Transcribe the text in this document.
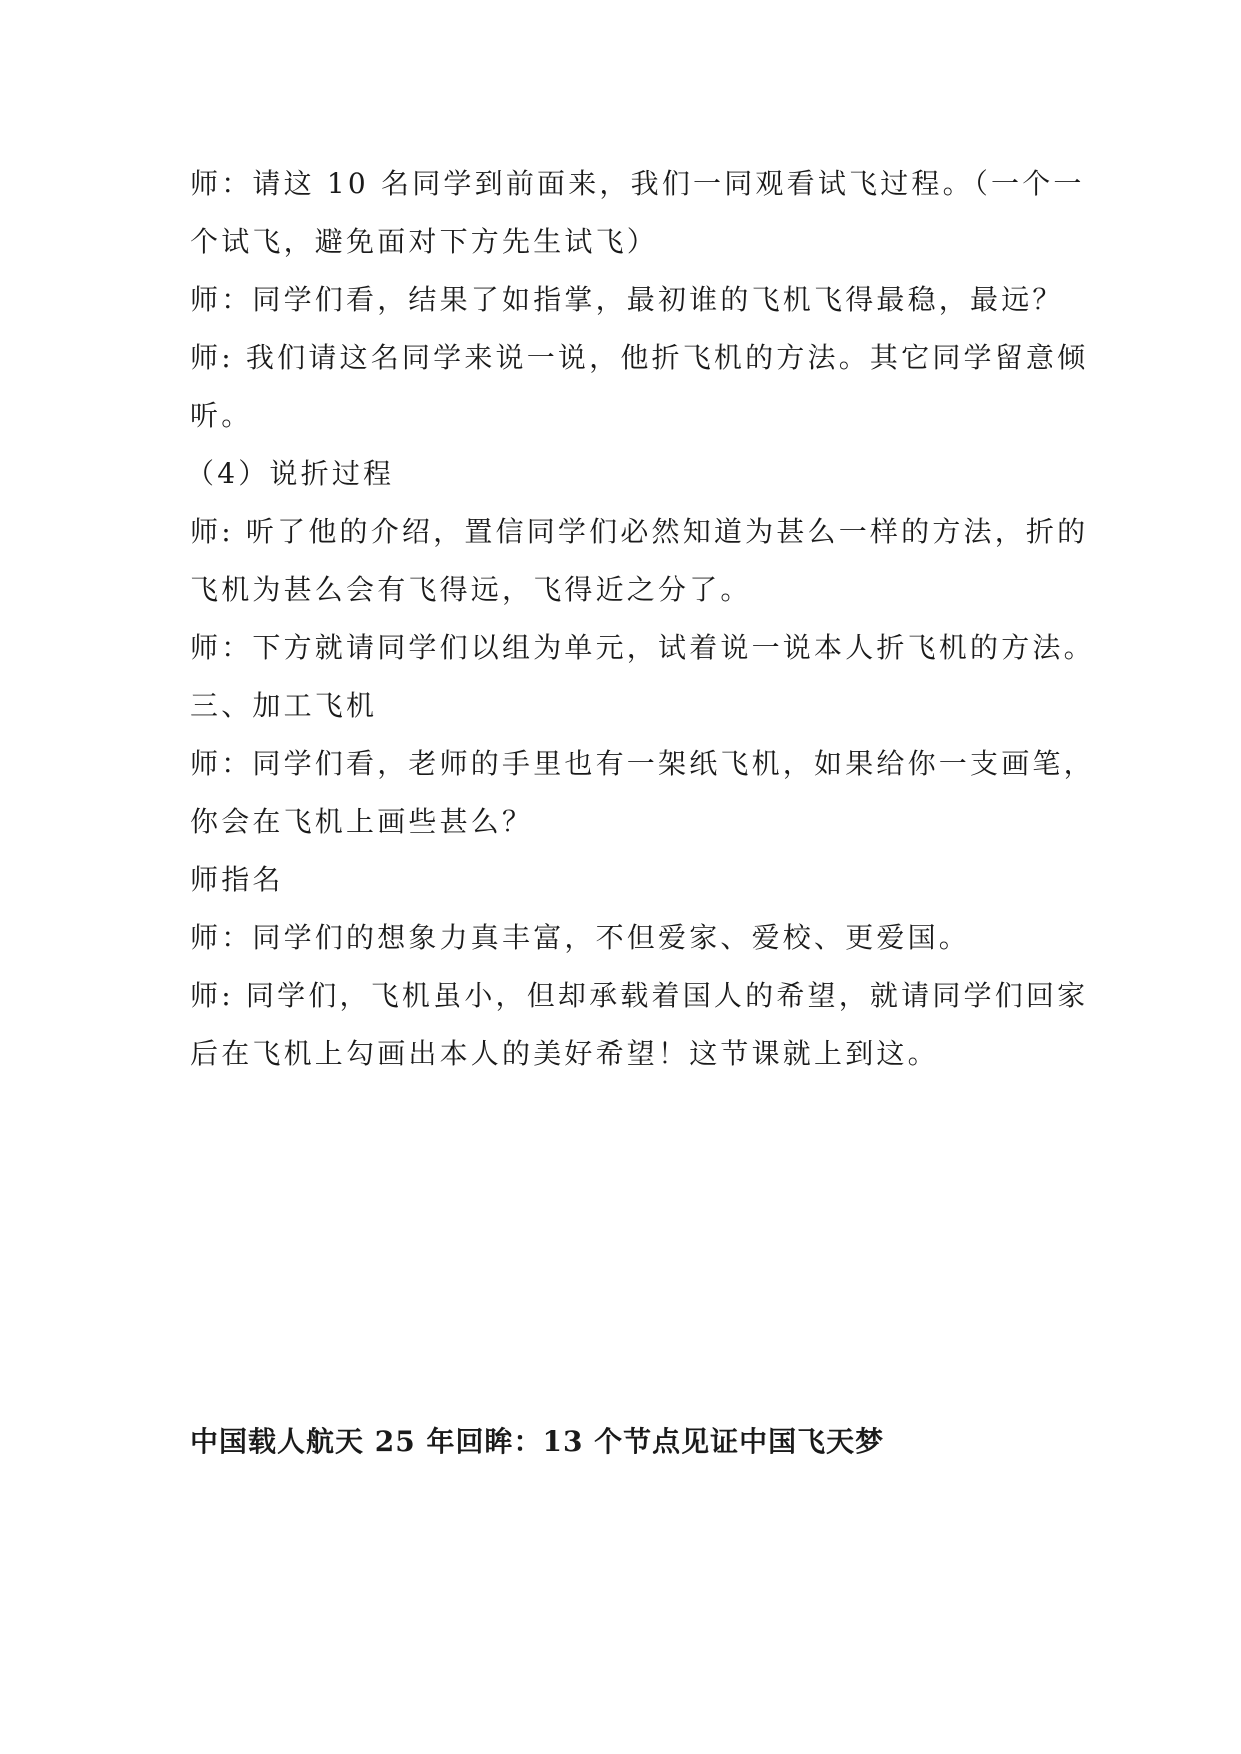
师：请这 10 名同学到前面来，我们一同观看试飞过程。（一个一
个试飞，避免面对下方先生试飞）
师：同学们看，结果了如指掌，最初谁的飞机飞得最稳，最远？
师: 我们请这名同学来说一说，他折飞机的方法。其它同学留意倾
听。
（4）说折过程
师: 听了他的介绍，置信同学们必然知道为甚么一样的方法，折的
飞机为甚么会有飞得远，飞得近之分了。
师：下方就请同学们以组为单元，试着说一说本人折飞机的方法。
三、加工飞机
师：同学们看，老师的手里也有一架纸飞机，如果给你一支画笔，
你会在飞机上画些甚么？
师指名
师：同学们的想象力真丰富，不但爱家、爱校、更爱国。
师: 同学们，飞机虽小，但却承载着国人的希望，就请同学们回家
后在飞机上勾画出本人的美好希望！这节课就上到这。
中国载人航天 25 年回眸：13 个节点见证中国飞天梦
